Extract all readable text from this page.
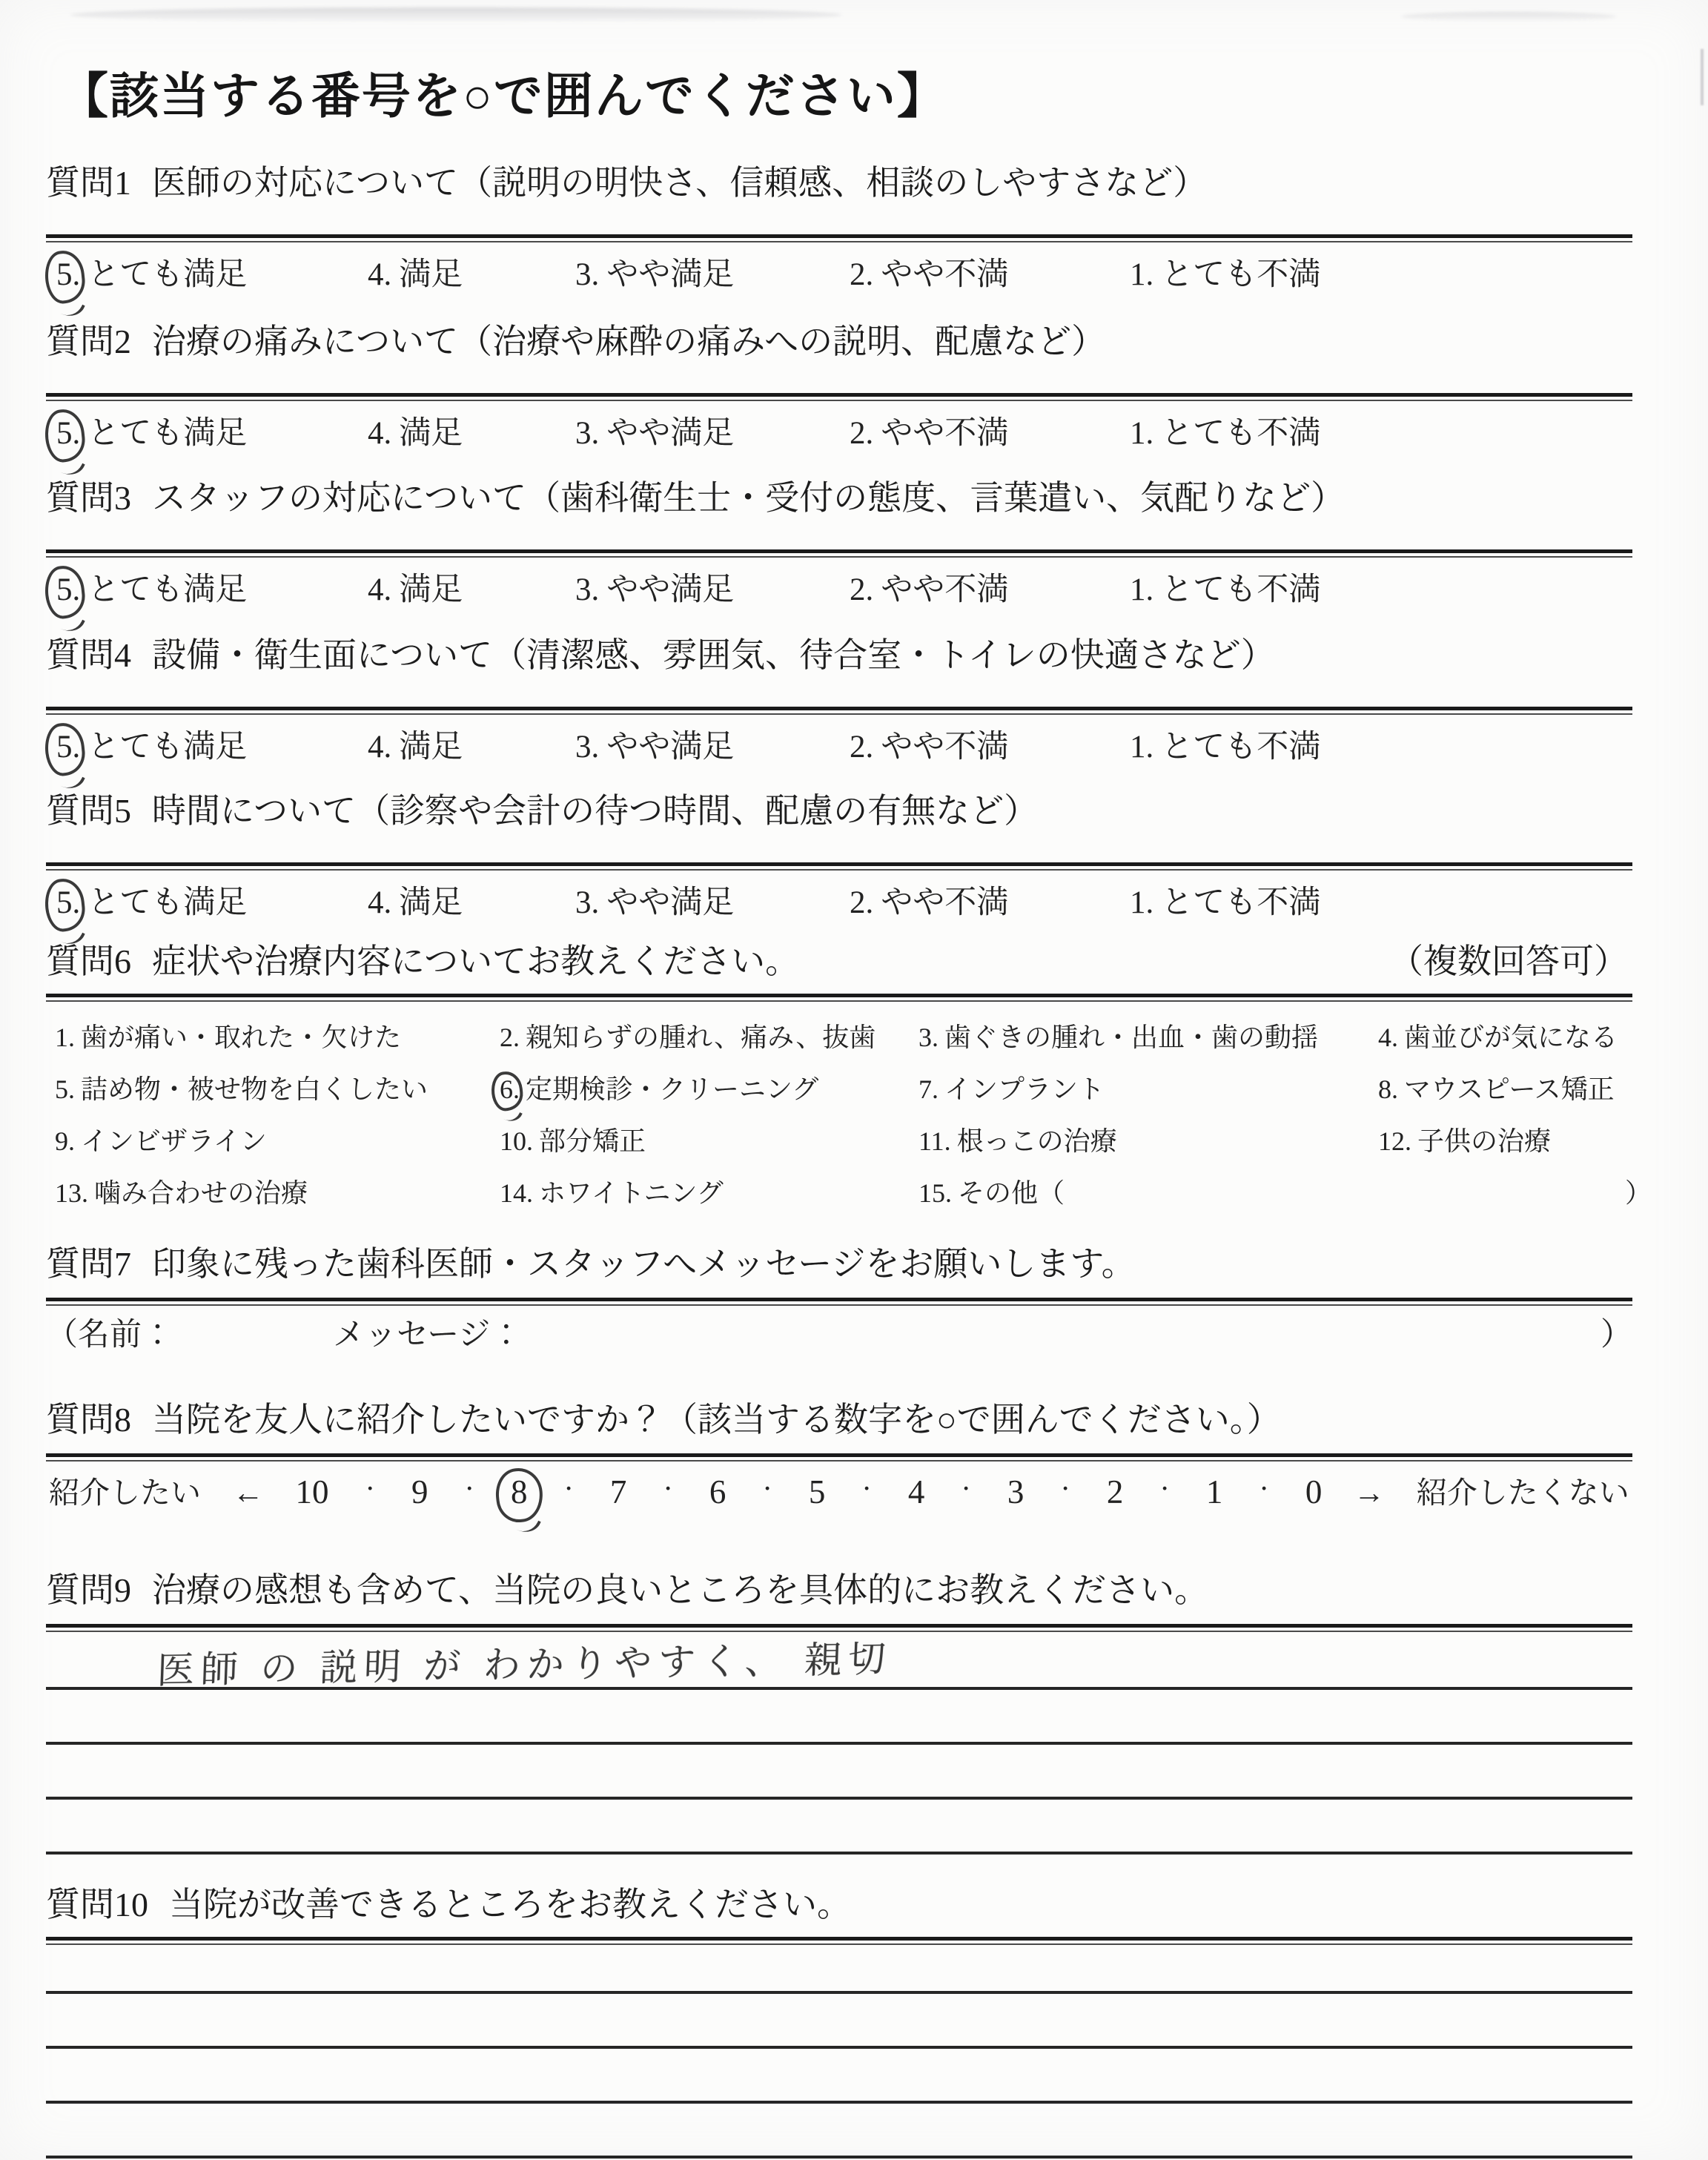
【該当する番号を○で囲んでください】
質問1 医師の対応について（説明の明快さ、信頼感、相談のしやすさなど）
5. とても満足	4. 満足	3. やや満足	2. やや不満	1. とても不満
質問2 治療の痛みについて（治療や麻酔の痛みへの説明、配慮など）
5. とても満足	4. 満足	3. やや満足	2. やや不満	1. とても不満
質問3 スタッフの対応について（歯科衛生士・受付の態度、言葉遣い、気配りなど）
5. とても満足	4. 満足	3. やや満足	2. やや不満	1. とても不満
質問4 設備・衛生面について（清潔感、雰囲気、待合室・トイレの快適さなど）
5. とても満足	4. 満足	3. やや満足	2. やや不満	1. とても不満
質問5 時間について（診察や会計の待つ時間、配慮の有無など）
5. とても満足	4. 満足	3. やや満足	2. やや不満	1. とても不満
質問6 症状や治療内容についてお教えください。	（複数回答可）
1. 歯が痛い・取れた・欠けた	2. 親知らずの腫れ、痛み、抜歯 3. 歯ぐきの腫れ・出血・歯の動揺 4. 歯並びが気になる
5. 詰め物・被せ物を白くしたい	6. 定期検診・クリーニング	7. インプラント	8. マウスピース矯正
9. インビザライン	10. 部分矯正	11. 根っこの治療	12. 子供の治療
13. 噛み合わせの治療	14. ホワイトニング	15. その他（	）
質問7 印象に残った歯科医師・スタッフへメッセージをお願いします。
（ 名前：	メッセージ：	）
質問8 当院を友人に紹介したいですか？（該当する数字を○で囲んでください。）
紹介したい ← 10 ・ 9 ・ 8 ・ 7 ・ 6 ・ 5 ・ 4 ・ 3 ・ 2 ・ 1 ・ 0 → 紹介したくない
質問9 治療の感想も含めて、当院の良いところを具体的にお教えください。
医師 の 説明 が わかりやすく、 親切
質問10 当院が改善できるところをお教えください。
